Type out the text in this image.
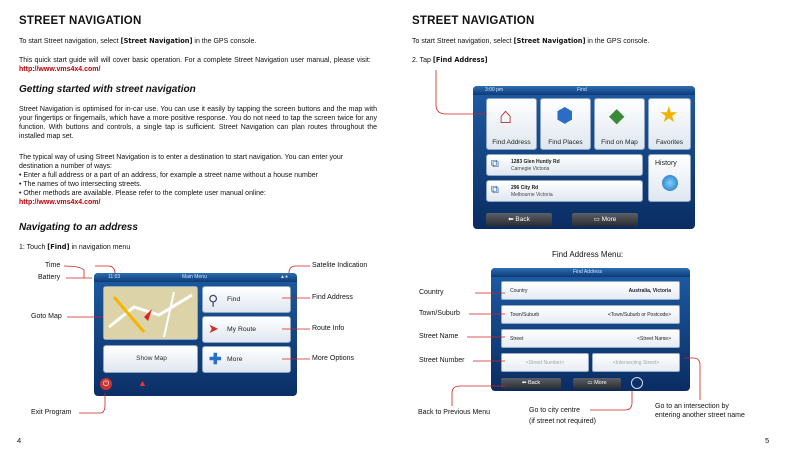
STREET NAVIGATION
To start Street navigation, select [Street Navigation] in the GPS console.
This quick start guide will will cover basic operation. For a complete Street Navigation user manual, please visit:   http://www.vms4x4.com/
Getting started with street navigation
Street Navigation is optimised for in-car use. You can use it easily by tapping the screen buttons and the map with your fingertips or fingernails, which have a more positive response. You do not need to tap the screen twice for any function. With buttons and controls, a single tap is sufficient. Street Navigation can plan routes throughout the installed map set.
The typical way of using Street Navigation is to enter a destination to start navigation. You can enter your destination a number of ways:
• Enter a full address or a part of an address, for example a street name without a house number
• The names of two intersecting streets.
• Other methods are available. Please refer to the complete user manual online:
http://www.vms4x4.com/
Navigating to an address
1: Touch [Find] in navigation menu
11:03	Main Menu	▲●
Show Map
⚲ Find
➤ My Route
✚ More
⏻	▲
Time
Battery
Goto Map
Exit Program
Satelite Indication
Find Address
Route Info
More Options
4
STREET NAVIGATION
To start Street navigation, select [Street Navigation] in the GPS console.
2. Tap [Find Address]
3:00 pm	Find
⌂
Find Address
⬢
Find Places
◆
Find on Map
★
Favorites
⧉ 1283 Glen Huntly Rd
Carnegie Victoria
⧉ 296 City Rd
Melbourne Victoria
History
⬅ Back	▭ More
Find Address Menu:
Find Address
Country	Australia, Victoria
Town/Suburb	<Town/Suburb or Postcode>
Street	<Street Name>
<Street Number>	<Intersecting Street>
⬅ Back	▭ More
Country
Town/Suburb
Street Name
Street Number
Back to Previous Menu	Go to city centre
(if street not required)
Go to an intersection by
entering another street name
5
